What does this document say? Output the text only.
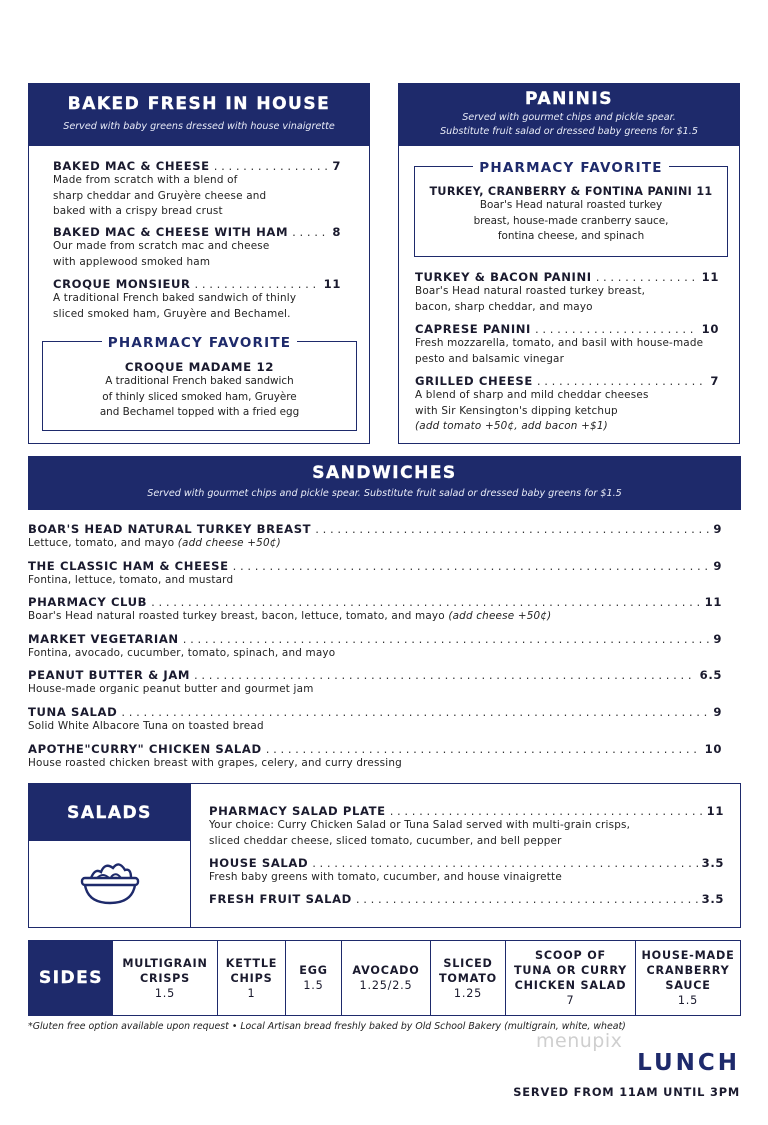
BAKED FRESH IN HOUSE
Served with baby greens dressed with house vinaigrette
BAKED MAC & CHEESE . . .	7
Made from scratch with a blend of
sharp cheddar and Gruyère cheese and
baked with a crispy bread crust
BAKED MAC & CHEESE WITH HAM . . .	8
Our made from scratch mac and cheese
with applewood smoked ham
CROQUE MONSIEUR . . .	11
A traditional French baked sandwich of thinly
sliced smoked ham, Gruyère and Bechamel.
PHARMACY FAVORITE
CROQUE MADAME 12
A traditional French baked sandwich
of thinly sliced smoked ham, Gruyère
and Bechamel topped with a fried egg
PANINIS
Served with gourmet chips and pickle spear.
Substitute fruit salad or dressed baby greens for $1.5
PHARMACY FAVORITE
TURKEY, CRANBERRY & FONTINA PANINI 11
Boar's Head natural roasted turkey
breast, house-made cranberry sauce,
fontina cheese, and spinach
TURKEY & BACON PANINI . . .	11
Boar's Head natural roasted turkey breast,
bacon, sharp cheddar, and mayo
CAPRESE PANINI . . .	10
Fresh mozzarella, tomato, and basil with house-made
pesto and balsamic vinegar
GRILLED CHEESE . . .	7
A blend of sharp and mild cheddar cheeses
with Sir Kensington's dipping ketchup
(add tomato +50¢, add bacon +$1)
SANDWICHES
Served with gourmet chips and pickle spear. Substitute fruit salad or dressed baby greens for $1.5
BOAR'S HEAD NATURAL TURKEY BREAST . . .	9
Lettuce, tomato, and mayo (add cheese +50¢)
THE CLASSIC HAM & CHEESE . . .	9
Fontina, lettuce, tomato, and mustard
PHARMACY CLUB . . .	11
Boar's Head natural roasted turkey breast, bacon, lettuce, tomato, and mayo (add cheese +50¢)
MARKET VEGETARIAN . . .	9
Fontina, avocado, cucumber, tomato, spinach, and mayo
PEANUT BUTTER & JAM . . .	6.5
House-made organic peanut butter and gourmet jam
TUNA SALAD . . .	9
Solid White Albacore Tuna on toasted bread
APOTHE"CURRY" CHICKEN SALAD . . .	10
House roasted chicken breast with grapes, celery, and curry dressing
SALADS	PHARMACY SALAD PLATE . . .	11
Your choice: Curry Chicken Salad or Tuna Salad served with multi-grain crisps,
sliced cheddar cheese, sliced tomato, cucumber, and bell pepper
HOUSE SALAD . . .	3.5
Fresh baby greens with tomato, cucumber, and house vinaigrette
FRESH FRUIT SALAD . . .	3.5
SIDES
MULTIGRAIN
CRISPS
1.5
KETTLE
CHIPS
1
EGG
1.5
AVOCADO
1.25/2.5
SLICED
TOMATO
1.25
SCOOP OF
TUNA OR CURRY
CHICKEN SALAD
7
HOUSE-MADE
CRANBERRY
SAUCE
1.5
*Gluten free option available upon request • Local Artisan bread freshly baked by Old School Bakery (multigrain, white, wheat)
menupix
LUNCH
SERVED FROM 11AM UNTIL 3PM
